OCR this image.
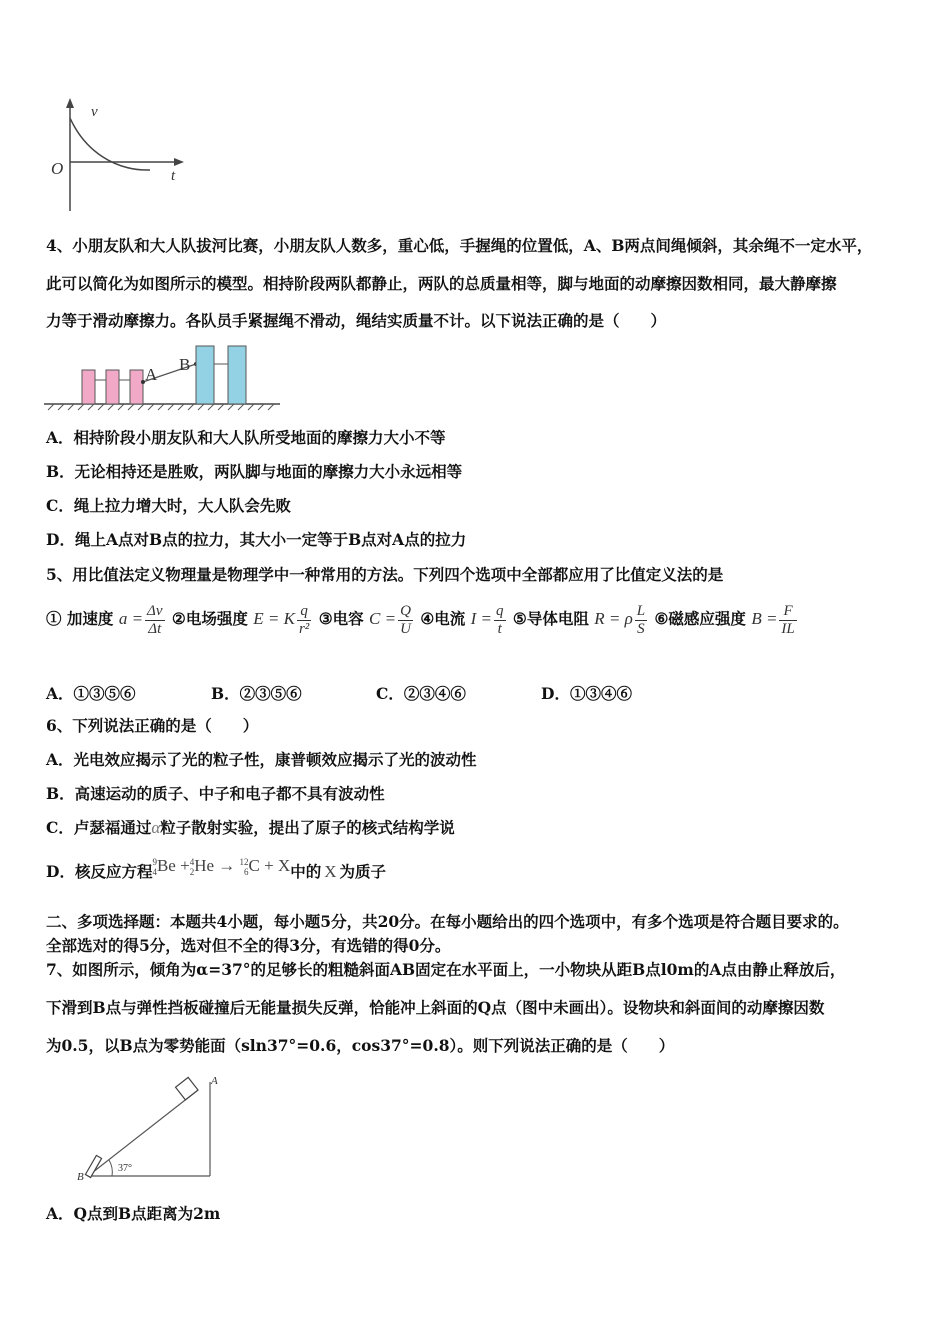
v
t
O
4、小朋友队和大人队拔河比赛，小朋友队人数多，重心低，手握绳的位置低，A、B两点间绳倾斜，其余绳不一定水平，
此可以简化为如图所示的模型。相持阶段两队都静止，两队的总质量相等，脚与地面的动摩擦因数相同，最大静摩擦
力等于滑动摩擦力。各队员手紧握绳不滑动，绳结实质量不计。以下说法正确的是（　　）
A
B
A．相持阶段小朋友队和大人队所受地面的摩擦力大小不等
B．无论相持还是胜败，两队脚与地面的摩擦力大小永远相等
C．绳上拉力增大时，大人队会先败
D．绳上A点对B点的拉力，其大小一定等于B点对A点的拉力
5、用比值法定义物理量是物理学中一种常用的方法。下列四个选项中全部都应用了比值定义法的是
① 加速度 $a = \frac{\Delta v}{\Delta t}$ ②电场强度 E = K $\frac{q}{\text{r²}}$ ③电容 $C = \frac{Q}{U}$ ④电流 $I = \frac{q}{t}$ ⑤导体电阻 R = ρ $\frac{L}{S}$ ⑥磁感应强度 $B = \frac{F}{IL}$
A．①③⑤⑥	B．②③⑤⑥	C．②③④⑥	D．①③④⑥
6、下列说法正确的是（　　）
A．光电效应揭示了光的粒子性，康普顿效应揭示了光的波动性
B．高速运动的质子、中子和电子都不具有波动性
C．卢瑟福通过α粒子散射实验，提出了原子的核式结构学说
D．核反应方程 9
4 Be + 4
2 He → 12
6 C + X中的 X 为质子
二、多项选择题：本题共4小题，每小题5分，共20分。在每小题给出的四个选项中，有多个选项是符合题目要求的。
全部选对的得5分，选对但不全的得3分，有选错的得0分。
7、如图所示，倾角为α=37°的足够长的粗糙斜面AB固定在水平面上，一小物块从距B点l0m的A点由静止释放后，
下滑到B点与弹性挡板碰撞后无能量损失反弹，恰能冲上斜面的Q点（图中未画出）。设物块和斜面间的动摩擦因数
为0.5，以B点为零势能面（sln37°=0.6，cos37°=0.8）。则下列说法正确的是（　　）
A
B
37°
A．Q点到B点距离为2m
